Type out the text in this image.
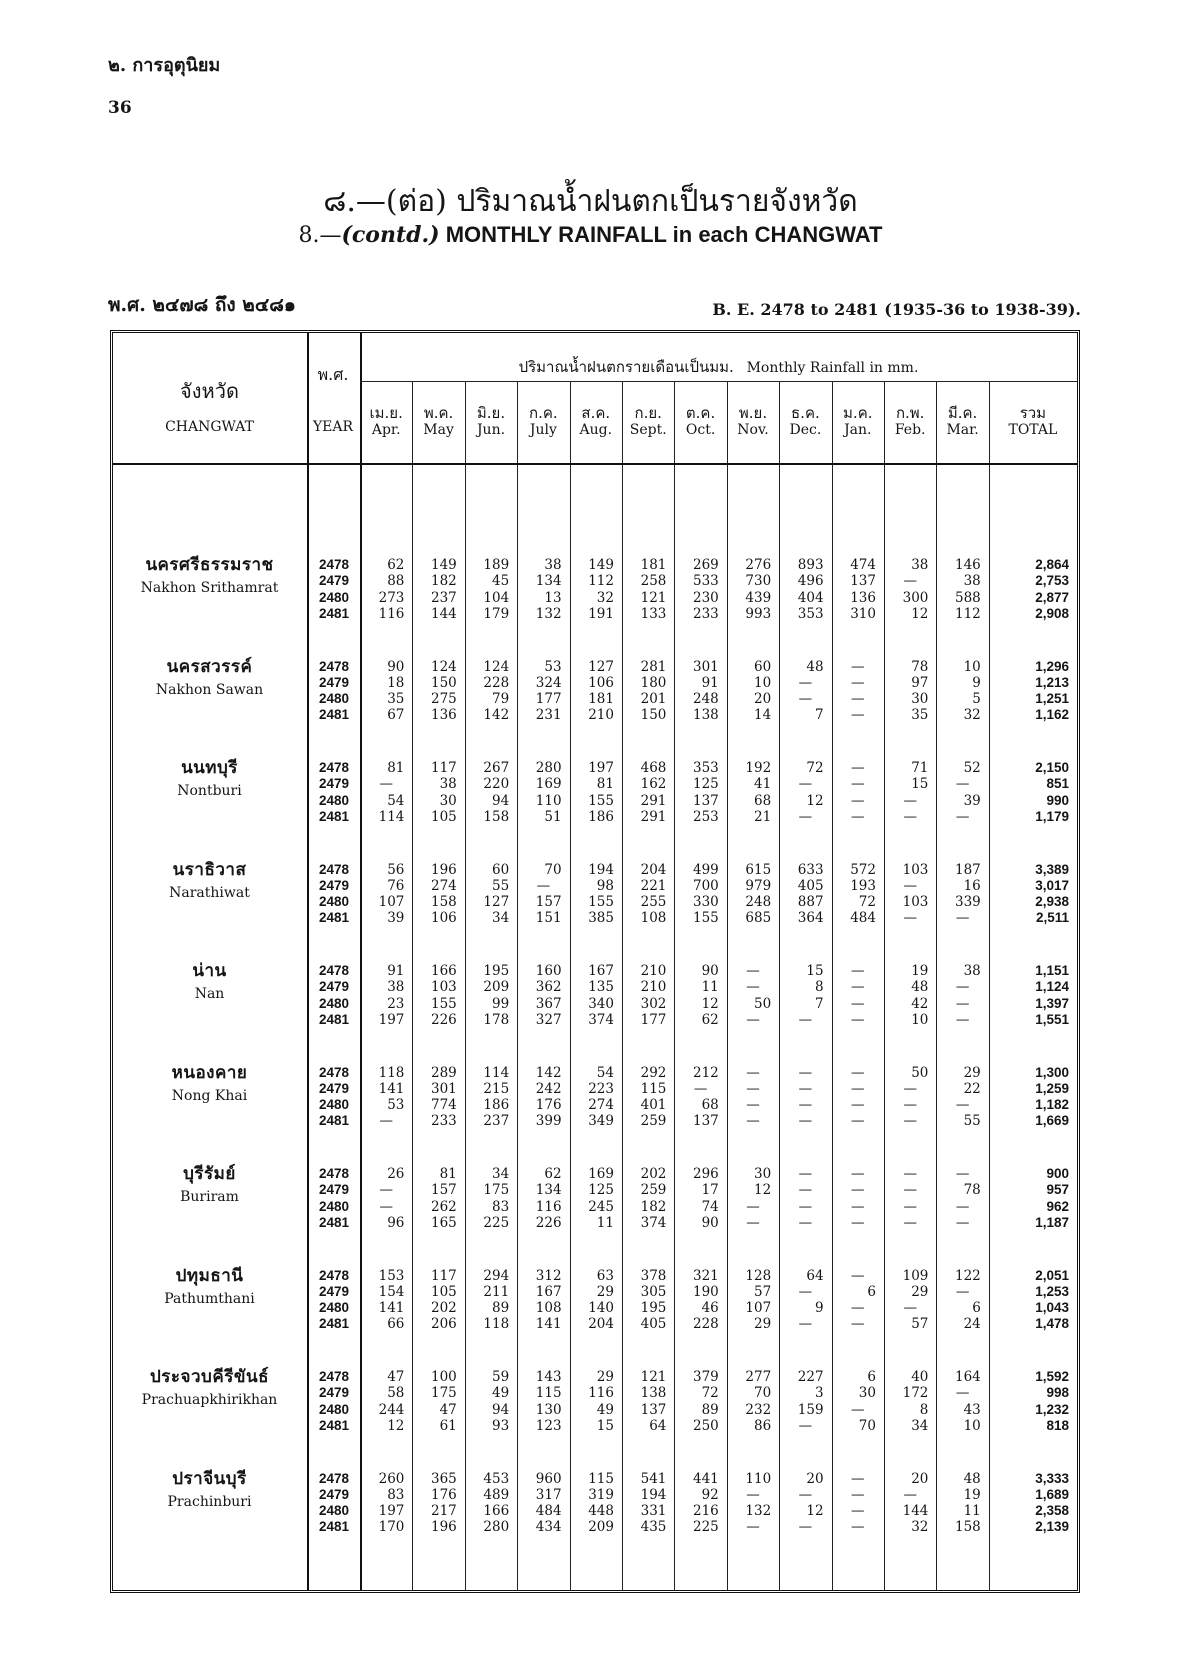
๒. การอุตุนิยม
36
๘.—(ต่อ) ปริมาณน้ำฝนตกเป็นรายจังหวัด
8.—(contd.) MONTHLY RAINFALL in each CHANGWAT
พ.ศ. ๒๔๗๘ ถึง ๒๔๘๑	B. E. 2478 to 2481 (1935-36 to 1938-39).
จังหวัด
CHANGWAT
พ.ศ.
YEAR
ปริมาณน้ำฝนตกรายเดือนเป็นมม. Monthly Rainfall in mm.
เม.ย.
Apr.
พ.ค.
May
มิ.ย.
Jun.
ก.ค.
July
ส.ค.
Aug.
ก.ย.
Sept.
ต.ค.
Oct.
พ.ย.
Nov.
ธ.ค.
Dec.
ม.ค.
Jan.
ก.พ.
Feb.
มี.ค.
Mar.
รวม
TOTAL
นครศรีธรรมราช
Nakhon Srithamrat
2478	62	149	189	38	149	181	269	276	893	474	38	146	2,864
2479	88	182	45	134	112	258	533	730	496	137	—	38	2,753
2480	273	237	104	13	32	121	230	439	404	136	300	588	2,877
2481	116	144	179	132	191	133	233	993	353	310	12	112	2,908
นครสวรรค์
Nakhon Sawan
2478	90	124	124	53	127	281	301	60	48	—	78	10	1,296
2479	18	150	228	324	106	180	91	10	—	—	97	9	1,213
2480	35	275	79	177	181	201	248	20	—	—	30	5	1,251
2481	67	136	142	231	210	150	138	14	7	—	35	32	1,162
นนทบุรี
Nontburi
2478	81	117	267	280	197	468	353	192	72	—	71	52	2,150
2479	—	38	220	169	81	162	125	41	—	—	15	—	851
2480	54	30	94	110	155	291	137	68	12	—	—	39	990
2481	114	105	158	51	186	291	253	21	—	—	—	—	1,179
นราธิวาส
Narathiwat
2478	56	196	60	70	194	204	499	615	633	572	103	187	3,389
2479	76	274	55	—	98	221	700	979	405	193	—	16	3,017
2480	107	158	127	157	155	255	330	248	887	72	103	339	2,938
2481	39	106	34	151	385	108	155	685	364	484	—	—	2,511
น่าน
Nan
2478	91	166	195	160	167	210	90	—	15	—	19	38	1,151
2479	38	103	209	362	135	210	11	—	8	—	48	—	1,124
2480	23	155	99	367	340	302	12	50	7	—	42	—	1,397
2481	197	226	178	327	374	177	62	—	—	—	10	—	1,551
หนองคาย
Nong Khai
2478	118	289	114	142	54	292	212	—	—	—	50	29	1,300
2479	141	301	215	242	223	115	—	—	—	—	—	22	1,259
2480	53	774	186	176	274	401	68	—	—	—	—	—	1,182
2481	—	233	237	399	349	259	137	—	—	—	—	55	1,669
บุรีรัมย์
Buriram
2478	26	81	34	62	169	202	296	30	—	—	—	—	900
2479	—	157	175	134	125	259	17	12	—	—	—	78	957
2480	—	262	83	116	245	182	74	—	—	—	—	—	962
2481	96	165	225	226	11	374	90	—	—	—	—	—	1,187
ปทุมธานี
Pathumthani
2478	153	117	294	312	63	378	321	128	64	—	109	122	2,051
2479	154	105	211	167	29	305	190	57	—	6	29	—	1,253
2480	141	202	89	108	140	195	46	107	9	—	—	6	1,043
2481	66	206	118	141	204	405	228	29	—	—	57	24	1,478
ประจวบคีรีขันธ์
Prachuapkhirikhan
2478	47	100	59	143	29	121	379	277	227	6	40	164	1,592
2479	58	175	49	115	116	138	72	70	3	30	172	—	998
2480	244	47	94	130	49	137	89	232	159	—	8	43	1,232
2481	12	61	93	123	15	64	250	86	—	70	34	10	818
ปราจีนบุรี
Prachinburi
2478	260	365	453	960	115	541	441	110	20	—	20	48	3,333
2479	83	176	489	317	319	194	92	—	—	—	—	19	1,689
2480	197	217	166	484	448	331	216	132	12	—	144	11	2,358
2481	170	196	280	434	209	435	225	—	—	—	32	158	2,139
